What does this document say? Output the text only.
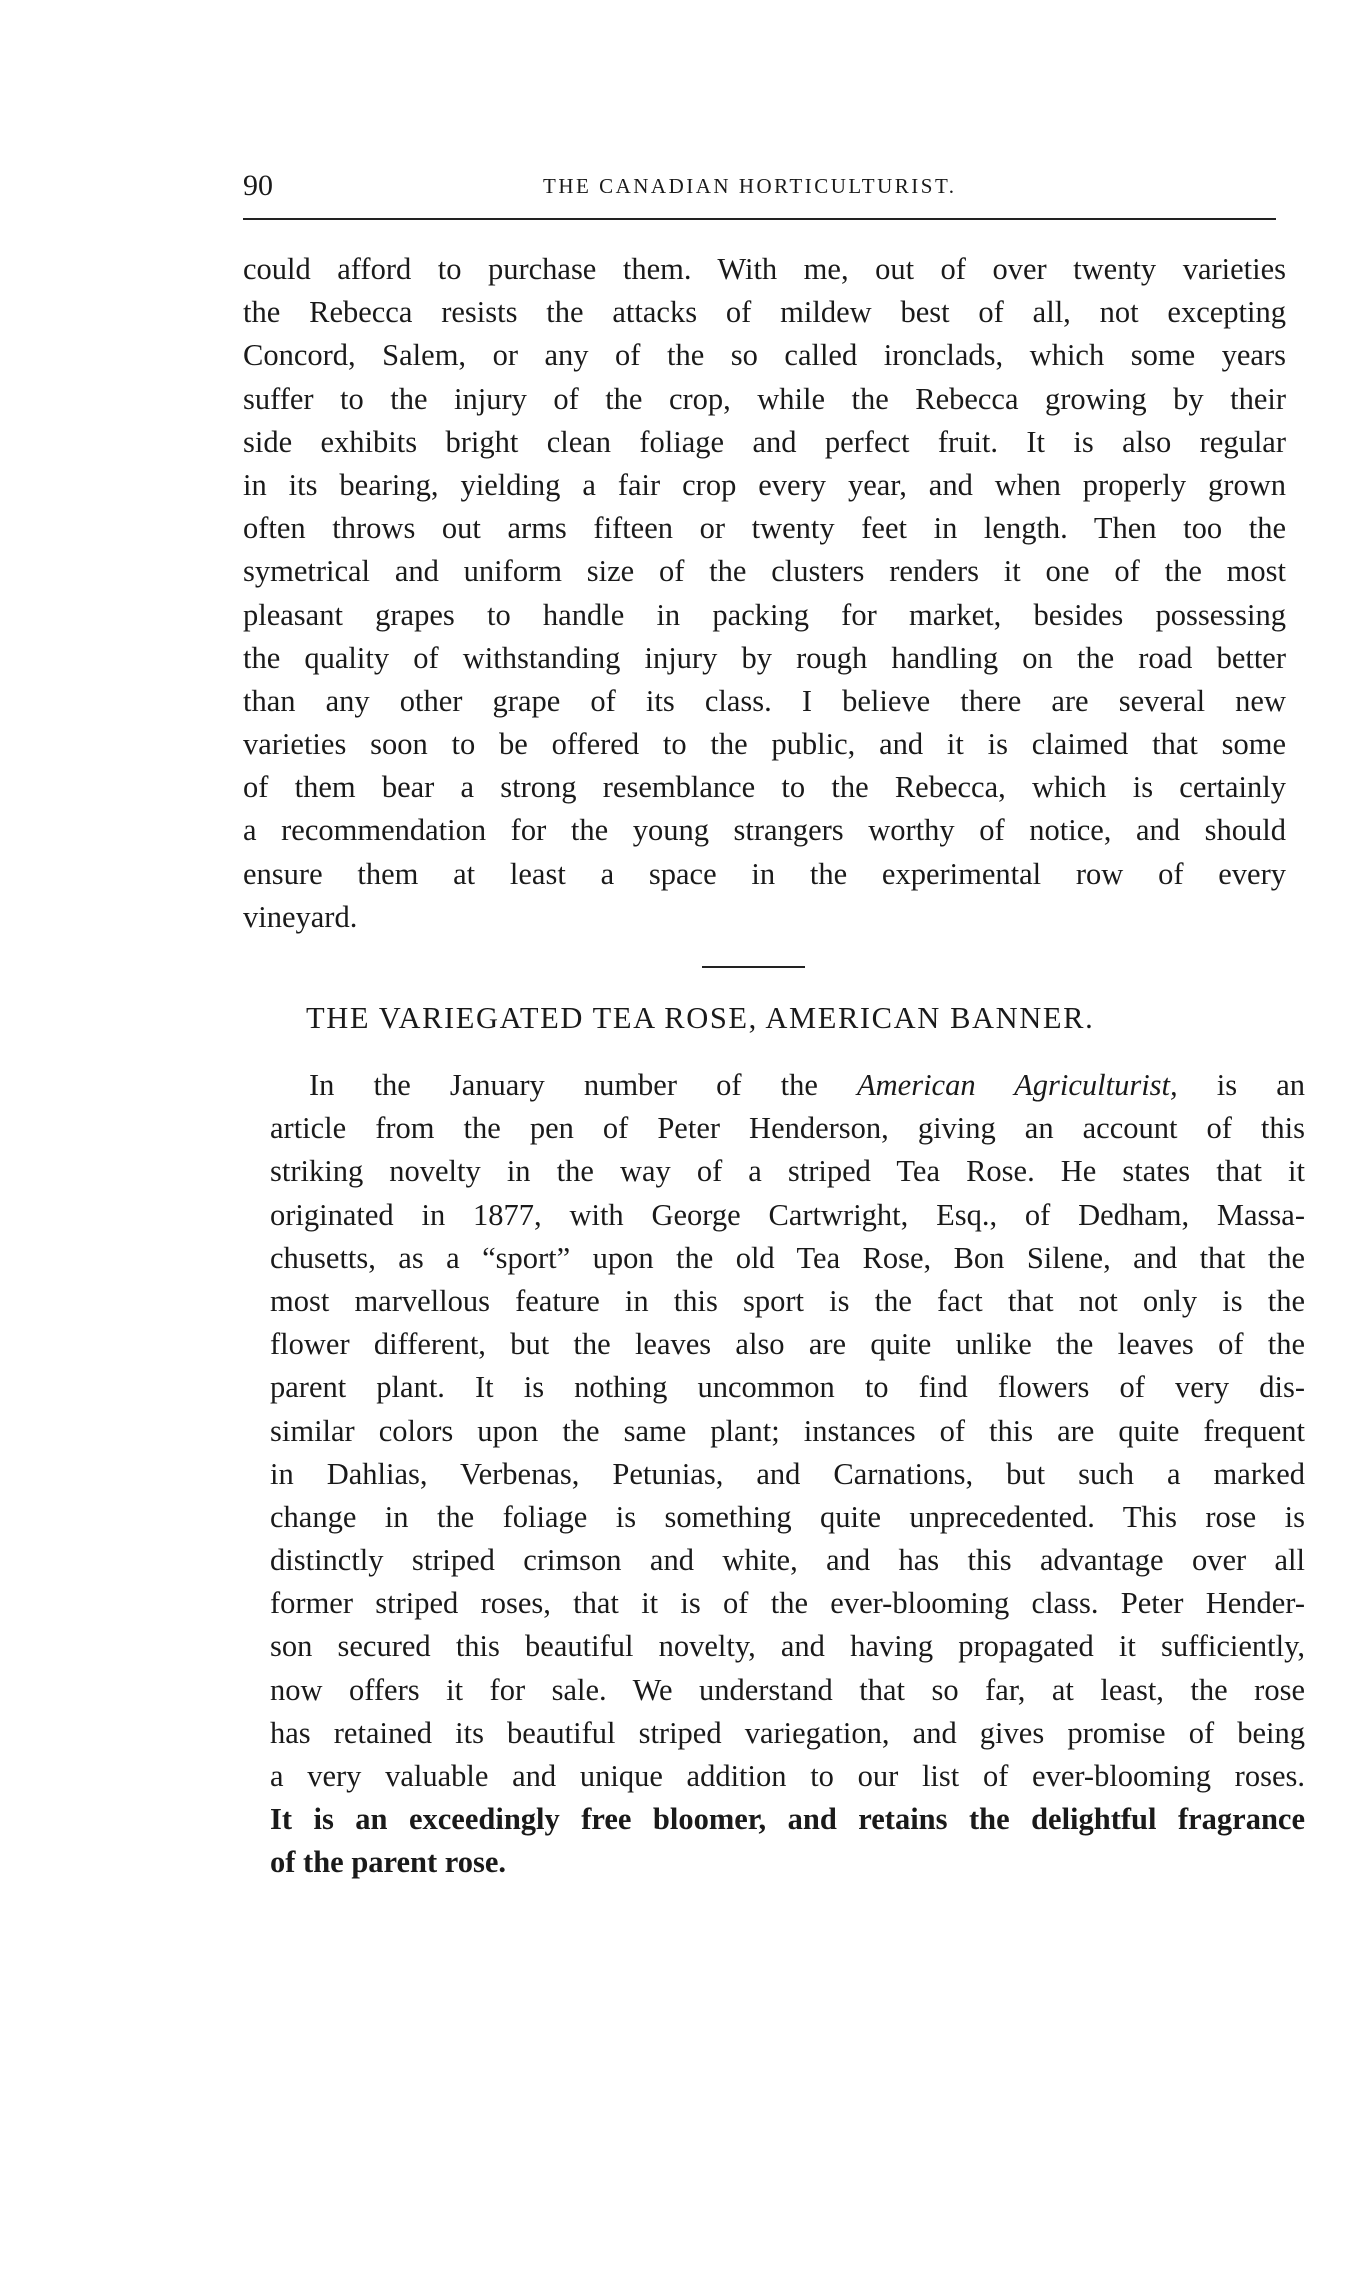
90	THE CANADIAN HORTICULTURIST.
could afford to purchase them. With me, out of over twenty varieties
the Rebecca resists the attacks of mildew best of all, not excepting
Concord, Salem, or any of the so called ironclads, which some years
suffer to the injury of the crop, while the Rebecca growing by their
side exhibits bright clean foliage and perfect fruit. It is also regular
in its bearing, yielding a fair crop every year, and when properly grown
often throws out arms fifteen or twenty feet in length. Then too the
symetrical and uniform size of the clusters renders it one of the most
pleasant grapes to handle in packing for market, besides possessing
the quality of withstanding injury by rough handling on the road better
than any other grape of its class. I believe there are several new
varieties soon to be offered to the public, and it is claimed that some
of them bear a strong resemblance to the Rebecca, which is certainly
a recommendation for the young strangers worthy of notice, and should
ensure them at least a space in the experimental row of every
vineyard.
THE VARIEGATED TEA ROSE, AMERICAN BANNER.
In the January number of the American Agriculturist, is an
article from the pen of Peter Henderson, giving an account of this
striking novelty in the way of a striped Tea Rose. He states that it
originated in 1877, with George Cartwright, Esq., of Dedham, Massa-
chusetts, as a “sport” upon the old Tea Rose, Bon Silene, and that the
most marvellous feature in this sport is the fact that not only is the
flower different, but the leaves also are quite unlike the leaves of the
parent plant. It is nothing uncommon to find flowers of very dis-
similar colors upon the same plant; instances of this are quite frequent
in Dahlias, Verbenas, Petunias, and Carnations, but such a marked
change in the foliage is something quite unprecedented. This rose is
distinctly striped crimson and white, and has this advantage over all
former striped roses, that it is of the ever-blooming class. Peter Hender-
son secured this beautiful novelty, and having propagated it sufficiently,
now offers it for sale. We understand that so far, at least, the rose
has retained its beautiful striped variegation, and gives promise of being
a very valuable and unique addition to our list of ever-blooming roses.
It is an exceedingly free bloomer, and retains the delightful fragrance
of the parent rose.
